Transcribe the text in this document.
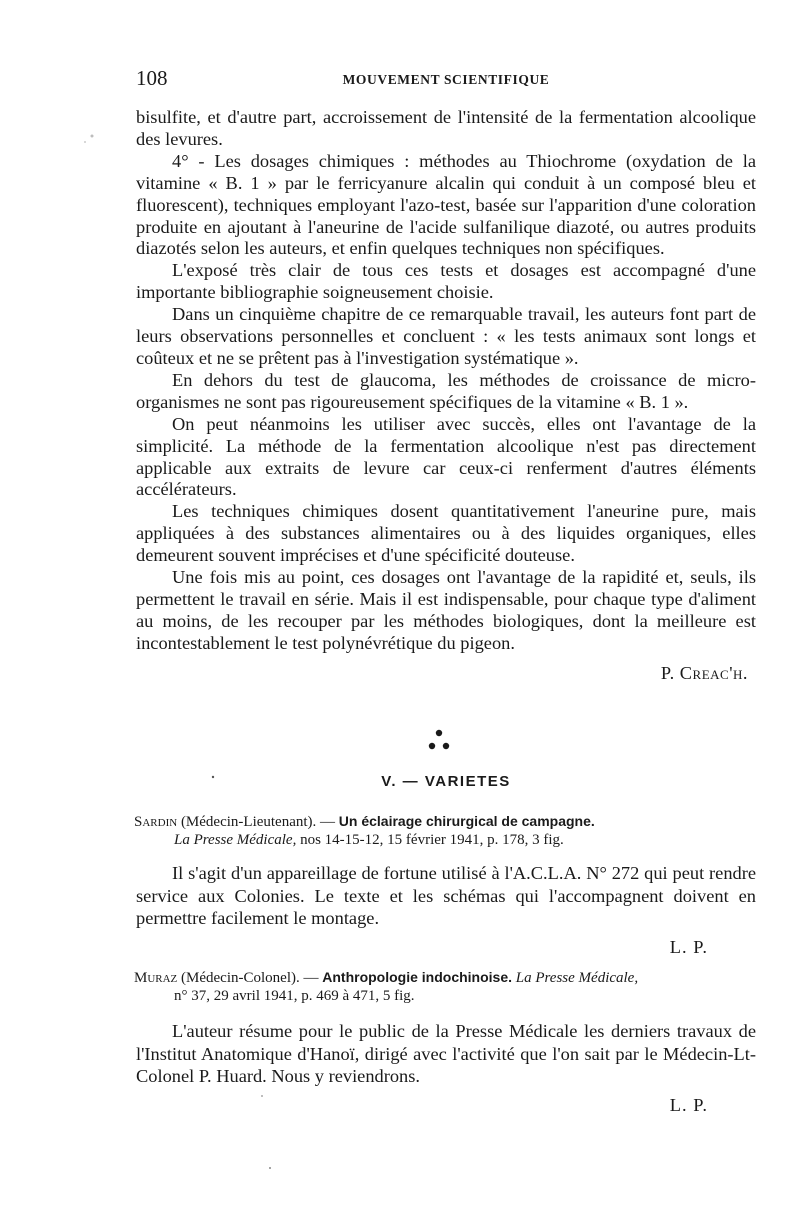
108	MOUVEMENT SCIENTIFIQUE

bisulfite, et d'autre part, accroissement de l'intensité de la fermentation alcoolique des levures.

4° - Les dosages chimiques : méthodes au Thiochrome (oxydation de la vitamine « B. 1 » par le ferricyanure alcalin qui conduit à un composé bleu et fluorescent), techniques employant l'azo-test, basée sur l'apparition d'une coloration produite en ajoutant à l'aneurine de l'acide sulfanilique diazoté, ou autres produits diazotés selon les auteurs, et enfin quelques techniques non spécifiques.

L'exposé très clair de tous ces tests et dosages est accompagné d'une importante bibliographie soigneusement choisie.

Dans un cinquième chapitre de ce remarquable travail, les auteurs font part de leurs observations personnelles et concluent : « les tests animaux sont longs et coûteux et ne se prêtent pas à l'investigation systématique ».

En dehors du test de glaucoma, les méthodes de croissance de micro-organismes ne sont pas rigoureusement spécifiques de la vitamine « B. 1 ».

On peut néanmoins les utiliser avec succès, elles ont l'avantage de la simplicité. La méthode de la fermentation alcoolique n'est pas directement applicable aux extraits de levure car ceux-ci renferment d'autres éléments accélérateurs.

Les techniques chimiques dosent quantitativement l'aneurine pure, mais appliquées à des substances alimentaires ou à des liquides organiques, elles demeurent souvent imprécises et d'une spécificité douteuse.

Une fois mis au point, ces dosages ont l'avantage de la rapidité et, seuls, ils permettent le travail en série. Mais il est indispensable, pour chaque type d'aliment au moins, de les recouper par les méthodes biologiques, dont la meilleure est incontestablement le test polynévrétique du pigeon.

P. Creac'h.
V. — VARIETES
Sardin (Médecin-Lieutenant). — Un éclairage chirurgical de campagne.
La Presse Médicale, nos 14-15-12, 15 février 1941, p. 178, 3 fig.
Il s'agit d'un appareillage de fortune utilisé à l'A.C.L.A. N° 272 qui peut rendre service aux Colonies. Le texte et les schémas qui l'accompagnent doivent en permettre facilement le montage.
L. P.
Muraz (Médecin-Colonel). — Anthropologie indochinoise. La Presse Médicale,
n° 37, 29 avril 1941, p. 469 à 471, 5 fig.
L'auteur résume pour le public de la Presse Médicale les derniers travaux de l'Institut Anatomique d'Hanoï, dirigé avec l'activité que l'on sait par le Médecin-Lt-Colonel P. Huard. Nous y reviendrons.
L. P.
